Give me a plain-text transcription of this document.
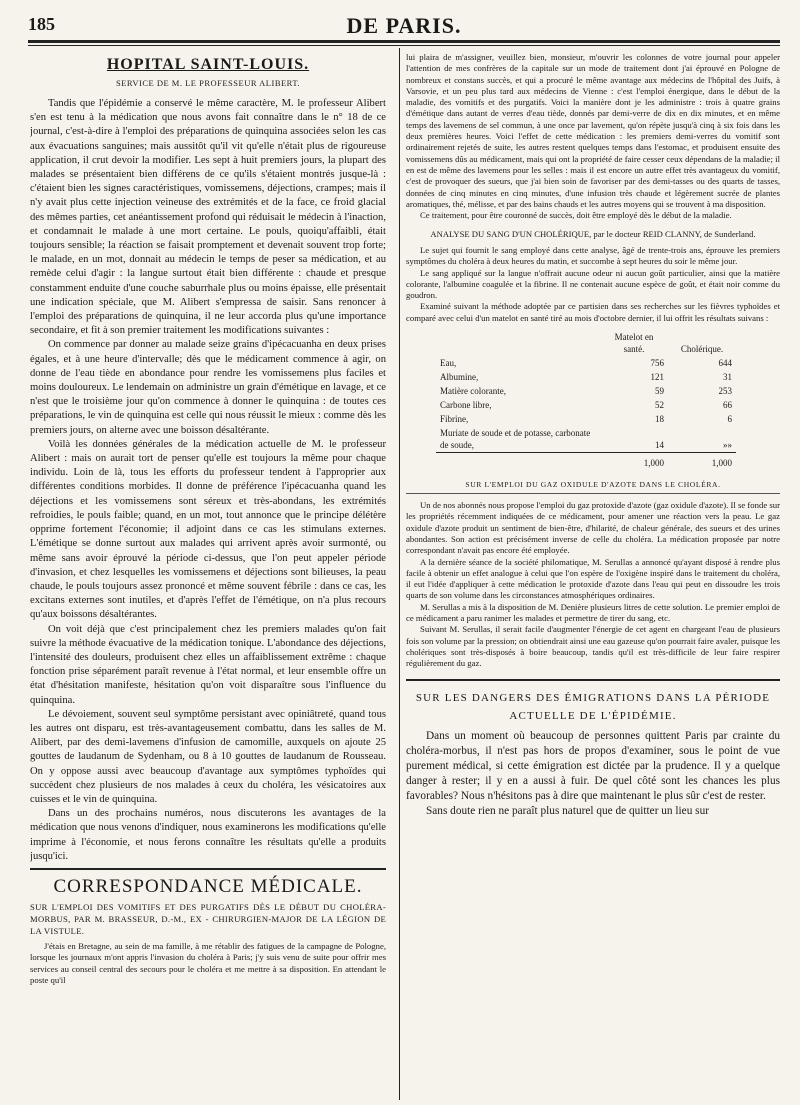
185	DE PARIS.
HOPITAL SAINT-LOUIS.
SERVICE DE M. LE PROFESSEUR ALIBERT.

Tandis que l'épidémie a conservé le même caractère, M. le professeur Alibert s'en est tenu à la médication que nous avons fait connaître dans le n° 18 de ce journal, c'est-à-dire à l'emploi des préparations de quinquina associées selon les cas aux évacuations sanguines; mais aussitôt qu'il vit qu'elle n'était plus de rigoureuse application, il crut devoir la modifier. Les sept à huit premiers jours, la plupart des malades se présentaient bien différens de ce qu'ils s'étaient montrés jusque-là : c'étaient bien les signes caractéristiques, vomissemens, déjections, crampes; mais il n'y avait plus cette injection veineuse des extrémités et de la face, ce froid glacial des mêmes parties, cet anéantissement profond qui réduisait le médecin à l'inaction, et condamnait le malade à une mort certaine. Le pouls, quoiqu'affaibli, était toujours sensible; la réaction se faisait promptement et devenait souvent trop forte; le malade, en un mot, donnait au médecin le temps de peser sa médication, et au remède celui d'agir : la langue surtout était bien différente : chaude et presque constamment enduite d'une couche saburrhale plus ou moins épaisse, elle présentait une indication spéciale, que M. Alibert s'empressa de saisir. Sans renoncer à l'emploi des préparations de quinquina, il ne leur accorda plus qu'une importance secondaire, et fit à son premier traitement les modifications suivantes :

On commence par donner au malade seize grains d'ipécacuanha en deux prises égales, et à une heure d'intervalle; dès que le médicament commence à agir, on donne de l'eau tiède en abondance pour rendre les vomissemens plus faciles et moins douloureux. Le lendemain on administre un grain d'émétique en lavage, et ce n'est que le troisième jour qu'on commence à donner le quinquina : de toutes ces préparations, le vin de quinquina est celle qui nous réussit le mieux : comme dès les premiers jours, on alterne avec une boisson désaltérante.

Voilà les données générales de la médication actuelle de M. le professeur Alibert : mais on aurait tort de penser qu'elle est toujours la même pour chaque individu. Loin de là, tous les efforts du professeur tendent à l'approprier aux différentes conditions morbides. Il donne de préférence l'ipécacuanha quand les déjections et les vomissemens sont séreux et très-abondans, les extrémités refroidies, le pouls faible; quand, en un mot, tout annonce que le principe délétère opprime fortement l'économie; il adjoint dans ce cas les stimulans externes. L'émétique se donne surtout aux malades qui arrivent après avoir surmonté, ou même sans avoir éprouvé la période ci-dessus, que l'on peut appeler période d'invasion, et chez lesquelles les vomissemens et déjections sont bilieuses, la peau chaude, le pouls toujours assez prononcé et même souvent fébrile : dans ce cas, les excitans externes sont inutiles, et d'après l'effet de l'émétique, on n'a plus recours qu'aux boissons désaltérantes.

On voit déjà que c'est principalement chez les premiers malades qu'on fait suivre la méthode évacuative de la médication tonique. L'abondance des déjections, l'intensité des douleurs, produisent chez elles un affaiblissement extrême : chaque fonction prise séparément paraît revenue à l'état normal, et leur ensemble offre un état d'hésitation manifeste, hésitation qu'on voit disparaître sous l'influence du quinquina.

Le dévoiement, souvent seul symptôme persistant avec opiniâtreté, quand tous les autres ont disparu, est très-avantageusement combattu, dans les salles de M. Alibert, par des demi-lavemens d'infusion de camomille, auxquels on ajoute 25 gouttes de laudanum de Sydenham, ou 8 à 10 gouttes de laudanum de Rousseau. On y oppose aussi avec beaucoup d'avantage aux symptômes typhoïdes qui succèdent chez plusieurs de nos malades à ceux du choléra, les vésicatoires aux cuisses et le vin de quinquina.

Dans un des prochains numéros, nous discuterons les avantages de la médication que nous venons d'indiquer, nous examinerons les modifications qu'elle imprime à l'économie, et nous ferons connaître les résultats qu'elle a produits jusqu'ici.

CORRESPONDANCE MÉDICALE.

SUR L'EMPLOI DES VOMITIFS ET DES PURGATIFS DÈS LE DÉBUT DU CHOLÉRA-MORBUS, PAR M. BRASSEUR, D.-M., EX - CHIRURGIEN-MAJOR DE LA LÉGION DE LA VISTULE.

J'étais en Bretagne, au sein de ma famille, à me rétablir des fatigues de la campagne de Pologne, lorsque les journaux m'ont appris l'invasion du choléra à Paris; j'y suis venu de suite pour offrir mes services au conseil central des secours pour le choléra et me mettre à sa disposition. En attendant le poste qu'il

lui plaira de m'assigner, veuillez bien, monsieur, m'ouvrir les colonnes de votre journal pour appeler l'attention de mes confrères de la capitale sur un mode de traitement dont j'ai éprouvé en Pologne de nombreux et constans succès, et qui a procuré le même avantage aux médecins de l'hôpital des Juifs, à Varsovie, et un peu plus tard aux médecins de Vienne : c'est l'emploi énergique, dans le début de la maladie, des vomitifs et des purgatifs. Voici la manière dont je les administre : trois à quatre grains d'émétique dans autant de verres d'eau tiède, donnés par demi-verre de dix en dix minutes, et en même temps des lavemens de sel commun, à une once par lavement, qu'on répète jusqu'à cinq à six fois dans les deux premières heures. Voici l'effet de cette médication : les premiers demi-verres du vomitif sont ordinairement rejetés de suite, les autres restent quelques temps dans l'estomac, et produisent ensuite des vomissemens dûs au médicament, mais qui ont la propriété de faire cesser ceux dépendans de la maladie; il en est de même des lavemens pour les selles : mais il est encore un autre effet très avantageux du vomitif, c'est de provoquer des sueurs, que j'ai bien soin de favoriser par des demi-tasses ou des quarts de tasses, données de cinq minutes en cinq minutes, d'une infusion très chaude et légèrement sucrée de plantes aromatiques, thé, mélisse, et par des bains chauds et les autres moyens qui se trouvent à ma disposition.

Ce traitement, pour être couronné de succès, doit être employé dès le début de la maladie.

ANALYSE DU SANG D'UN CHOLÉRIQUE, par le docteur REID CLANNY, de Sunderland.

Le sujet qui fournit le sang employé dans cette analyse, âgé de trente-trois ans, éprouve les premiers symptômes du choléra à deux heures du matin, et succombe à sept heures du soir le même jour.

Le sang appliqué sur la langue n'offrait aucune odeur ni aucun goût particulier, ainsi que la matière colorante, l'albumine coagulée et la fibrine. Il ne contenait aucune espèce de goût, et était noir comme du goudron.

Examiné suivant la méthode adoptée par ce partisien dans ses recherches sur les fièvres typhoïdes et comparé avec celui d'un matelot en santé tiré au mois d'octobre dernier, il lui offrit les résultats suivans :

	Matelot en santé.	Cholérique.
Eau,	756	644
Albumine,	121	31
Matière colorante,	59	253
Carbone libre,	52	66
Fibrine,	18	6
Muriate de soude et de potasse, carbonate de soude,	14	»»
	1,000	1,000
SUR L'EMPLOI DU GAZ OXIDULE D'AZOTE DANS LE CHOLÉRA.

Un de nos abonnés nous propose l'emploi du gaz protoxide d'azote (gaz oxidule d'azote). Il se fonde sur les propriétés récemment indiquées de ce médicament, pour amener une réaction vers la peau. Le gaz oxidule d'azote produit un sentiment de bien-être, d'hilarité, de chaleur générale, des sueurs et des urines abondantes. Son action est précisément inverse de celle du choléra. La médication proposée par notre correspondant n'avait pas encore été employée.

A la dernière séance de la société philomatique, M. Serullas a annoncé qu'ayant disposé à rendre plus facile à obtenir un effet analogue à celui que l'on espère de l'oxigène inspiré dans le traitement du choléra, il eut l'idée d'appliquer à cette médication le protoxide d'azote dans l'eau qui peut en dissoudre les trois quarts de son volume dans les circonstances atmosphériques ordinaires.

M. Serullas a mis à la disposition de M. Denière plusieurs litres de cette solution. Le premier emploi de ce médicament a paru ranimer les malades et permettre de tirer du sang, etc.

Suivant M. Serullas, il serait facile d'augmenter l'énergie de cet agent en chargeant l'eau de plusieurs fois son volume par la pression; on obtiendrait ainsi une eau gazeuse qu'on pourrait faire avaler, puisque les cholériques sont très-disposés à boire beaucoup, tandis qu'il est très-difficile de leur faire respirer régulièrement du gaz.

SUR LES DANGERS DES ÉMIGRATIONS DANS LA PÉRIODE ACTUELLE DE L'ÉPIDÉMIE.

Dans un moment où beaucoup de personnes quittent Paris par crainte du choléra-morbus, il n'est pas hors de propos d'examiner, sous le point de vue purement médical, si cette émigration est dictée par la prudence. Il y a quelque danger à rester; il y en a aussi à fuir. De quel côté sont les chances les plus favorables? Nous n'hésitons pas à dire que maintenant le plus sûr c'est de rester.

Sans doute rien ne paraît plus naturel que de quitter un lieu sur
